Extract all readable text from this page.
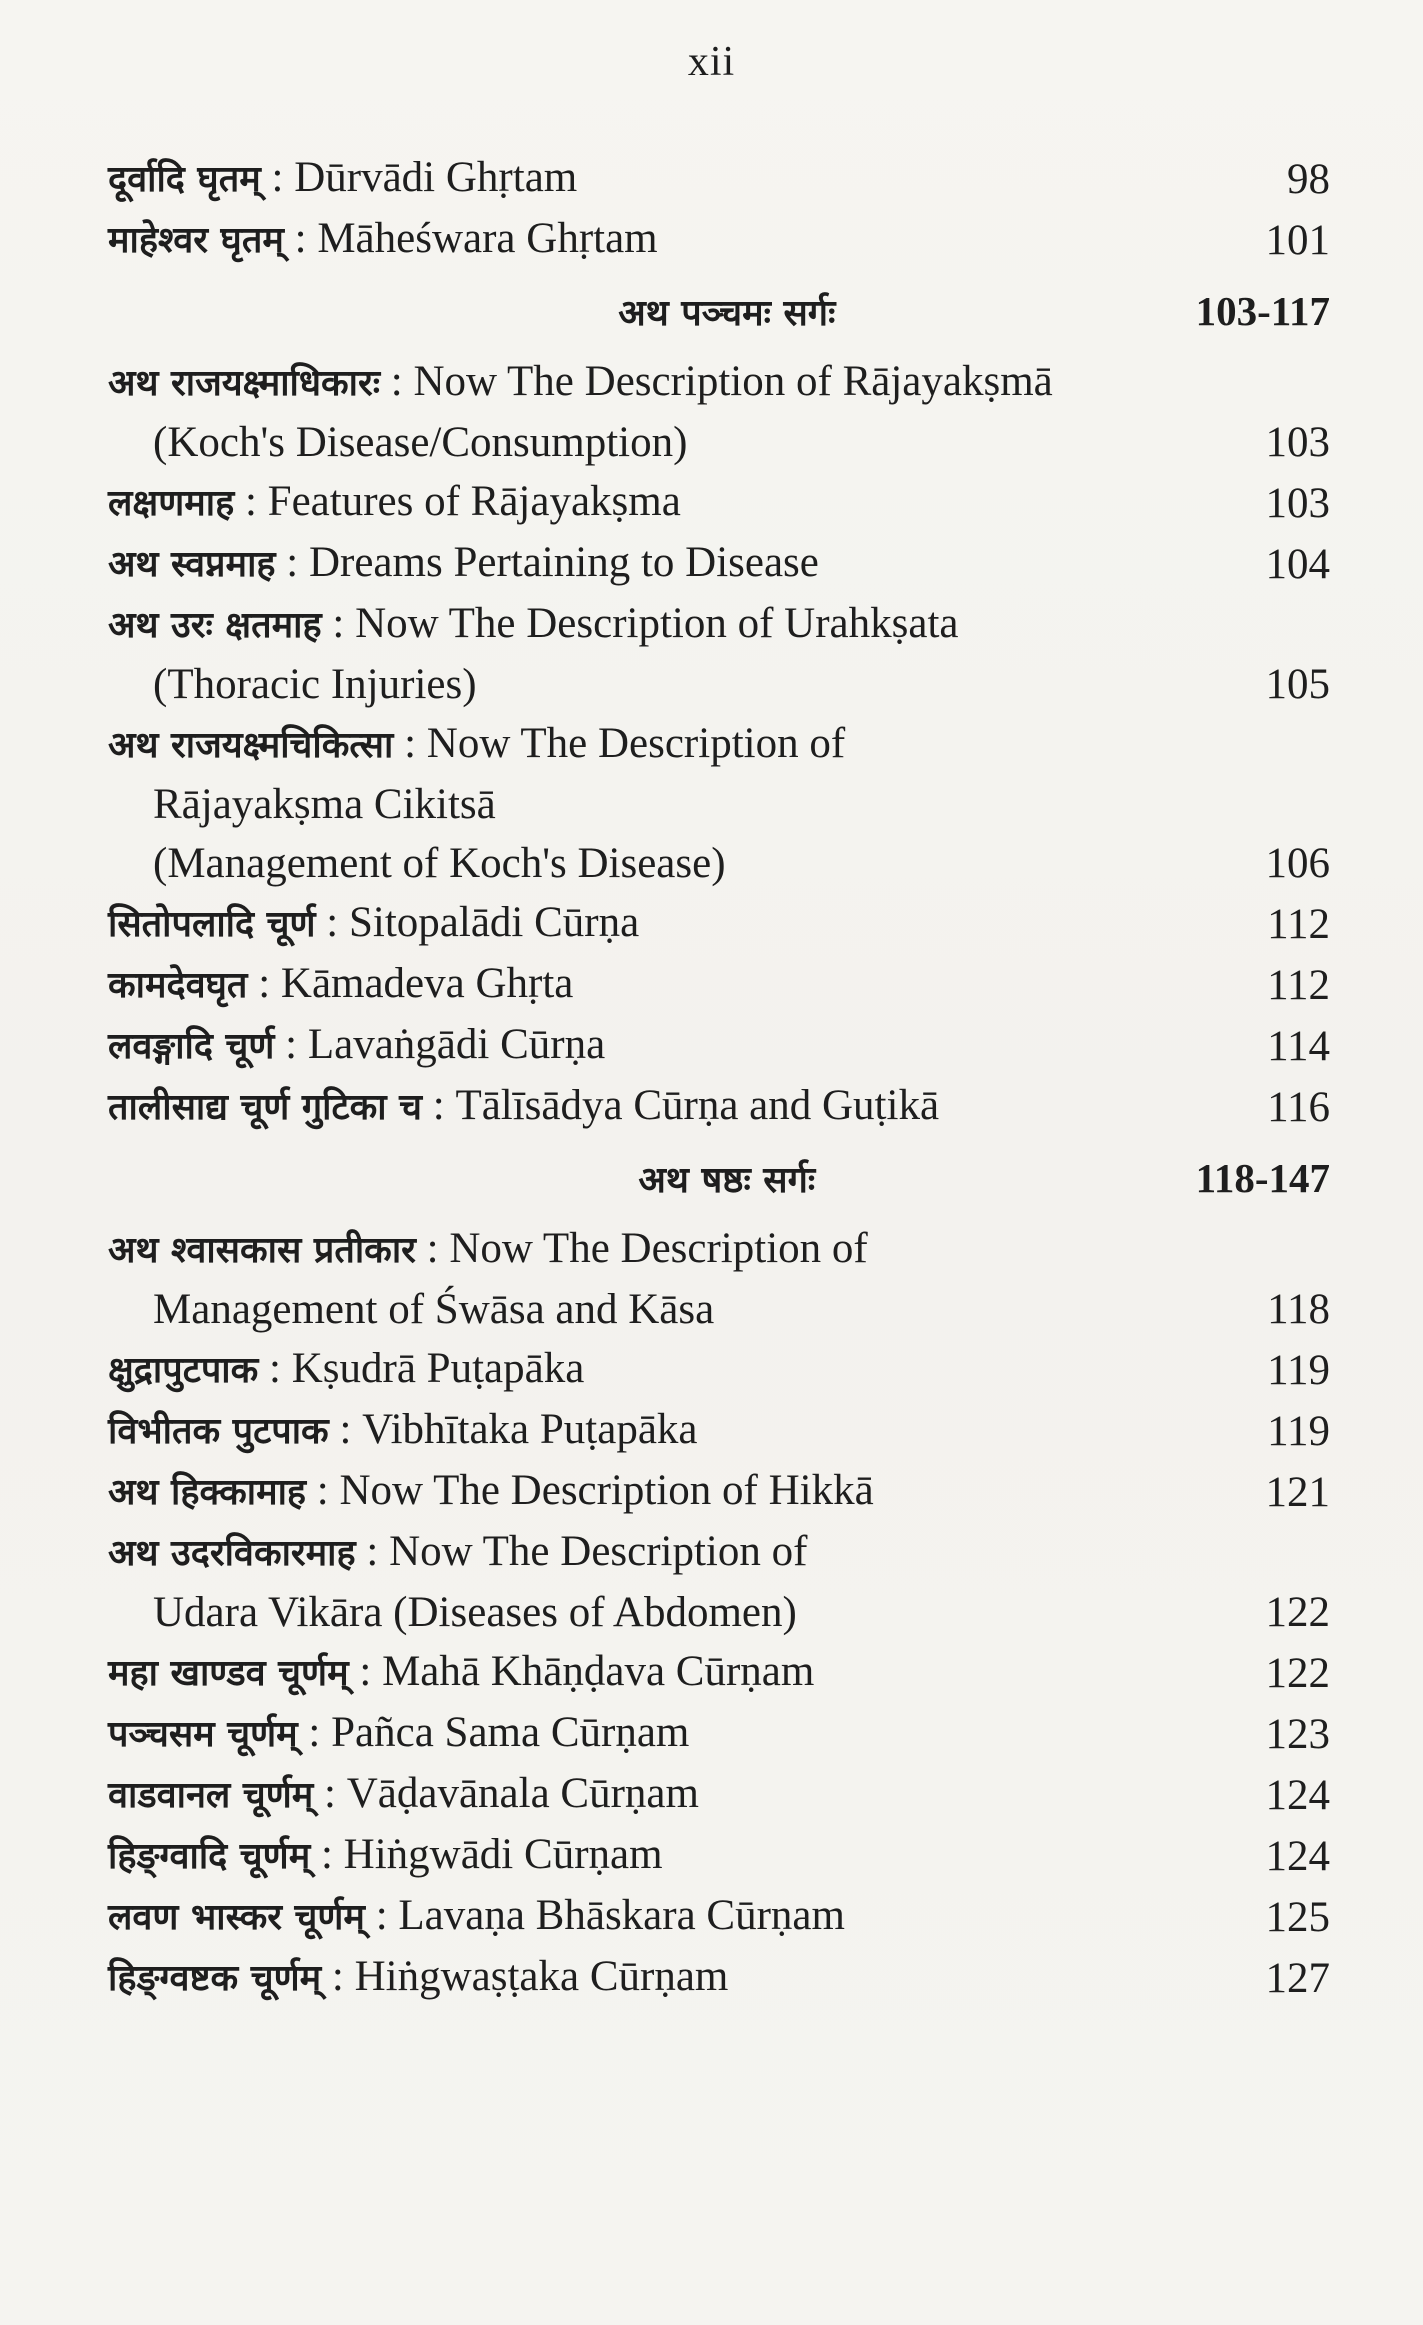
xii
दूर्वादि घृतम् : Dūrvādi Ghṛtam	98
माहेश्वर घृतम् : Māheśwara Ghṛtam	101
अथ पञ्चमः सर्गः	103-117
अथ राजयक्ष्माधिकारः : Now The Description of Rājayakṣmā
(Koch's Disease/Consumption)	103
लक्षणमाह : Features of Rājayakṣma	103
अथ स्वप्नमाह : Dreams Pertaining to Disease	104
अथ उरः क्षतमाह : Now The Description of Urahkṣata
(Thoracic Injuries)	105
अथ राजयक्ष्मचिकित्सा : Now The Description of
Rājayakṣma Cikitsā
(Management of Koch's Disease)	106
सितोपलादि चूर्ण : Sitopalādi Cūrṇa	112
कामदेवघृत : Kāmadeva Ghṛta	112
लवङ्गादि चूर्ण : Lavaṅgādi Cūrṇa	114
तालीसाद्य चूर्ण गुटिका च : Tālīsādya Cūrṇa and Guṭikā	116
अथ षष्ठः सर्गः	118-147
अथ श्वासकास प्रतीकार : Now The Description of
Management of Śwāsa and Kāsa	118
क्षुद्रापुटपाक : Kṣudrā Puṭapāka	119
विभीतक पुटपाक : Vibhītaka Puṭapāka	119
अथ हिक्कामाह : Now The Description of Hikkā	121
अथ उदरविकारमाह : Now The Description of
Udara Vikāra (Diseases of Abdomen)	122
महा खाण्डव चूर्णम् : Mahā Khāṇḍava Cūrṇam	122
पञ्चसम चूर्णम् : Pañca Sama Cūrṇam	123
वाडवानल चूर्णम् : Vāḍavānala Cūrṇam	124
हिङ्ग्वादि चूर्णम् : Hiṅgwādi Cūrṇam	124
लवण भास्कर चूर्णम् : Lavaṇa Bhāskara Cūrṇam	125
हिङ्ग्वष्टक चूर्णम् : Hiṅgwaṣṭaka Cūrṇam	127
